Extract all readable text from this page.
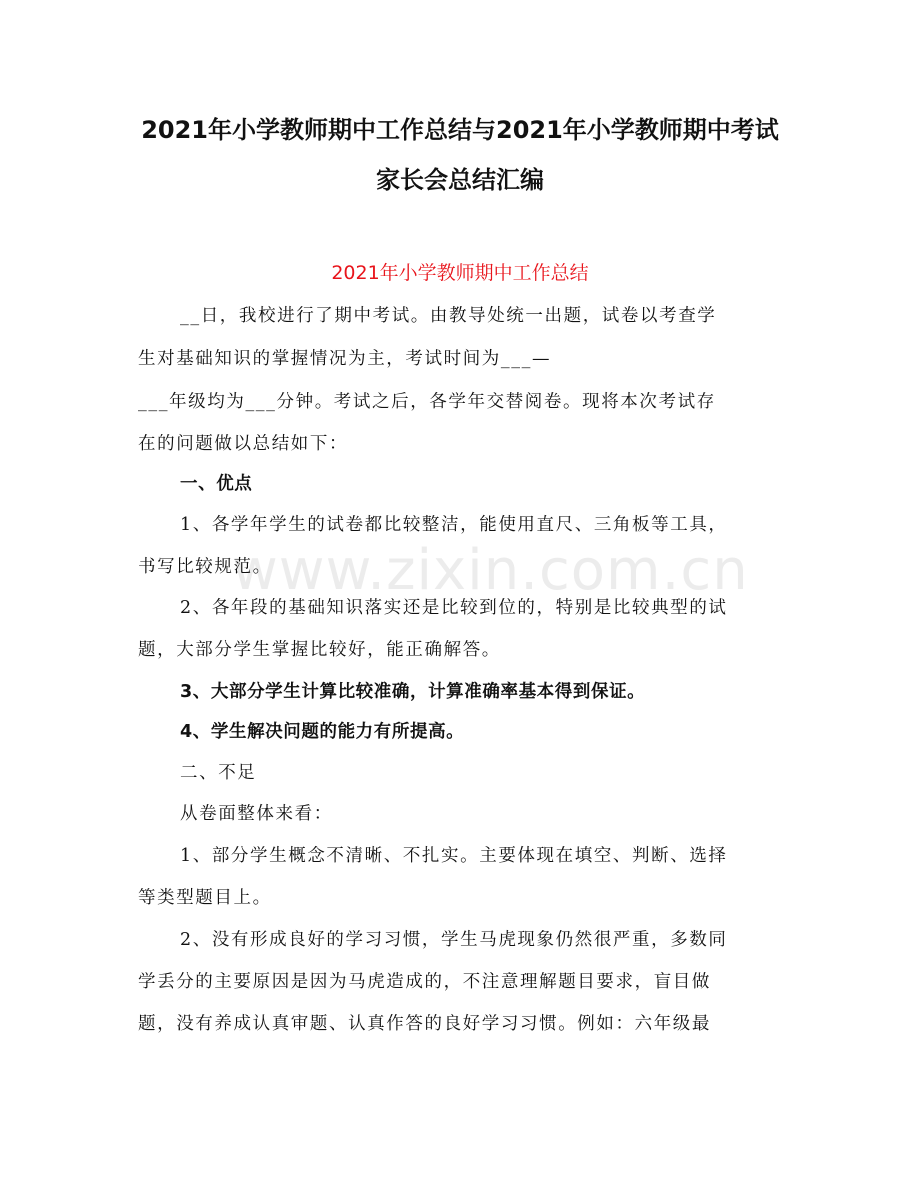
www.zixin.com.cn
2021年小学教师期中工作总结与2021年小学教师期中考试
家长会总结汇编
2021年小学教师期中工作总结
__日，我校进行了期中考试。由教导处统一出题，试卷以考查学
生对基础知识的掌握情况为主，考试时间为___—
___年级均为___分钟。考试之后，各学年交替阅卷。现将本次考试存
在的问题做以总结如下：
一、优点
1、各学年学生的试卷都比较整洁，能使用直尺、三角板等工具，
书写比较规范。
2、各年段的基础知识落实还是比较到位的，特别是比较典型的试
题，大部分学生掌握比较好，能正确解答。
3、大部分学生计算比较准确，计算准确率基本得到保证。
4、学生解决问题的能力有所提高。
二、不足
从卷面整体来看：
1、部分学生概念不清晰、不扎实。主要体现在填空、判断、选择
等类型题目上。
2、没有形成良好的学习习惯，学生马虎现象仍然很严重，多数同
学丢分的主要原因是因为马虎造成的，不注意理解题目要求，盲目做
题，没有养成认真审题、认真作答的良好学习习惯。例如：六年级最
